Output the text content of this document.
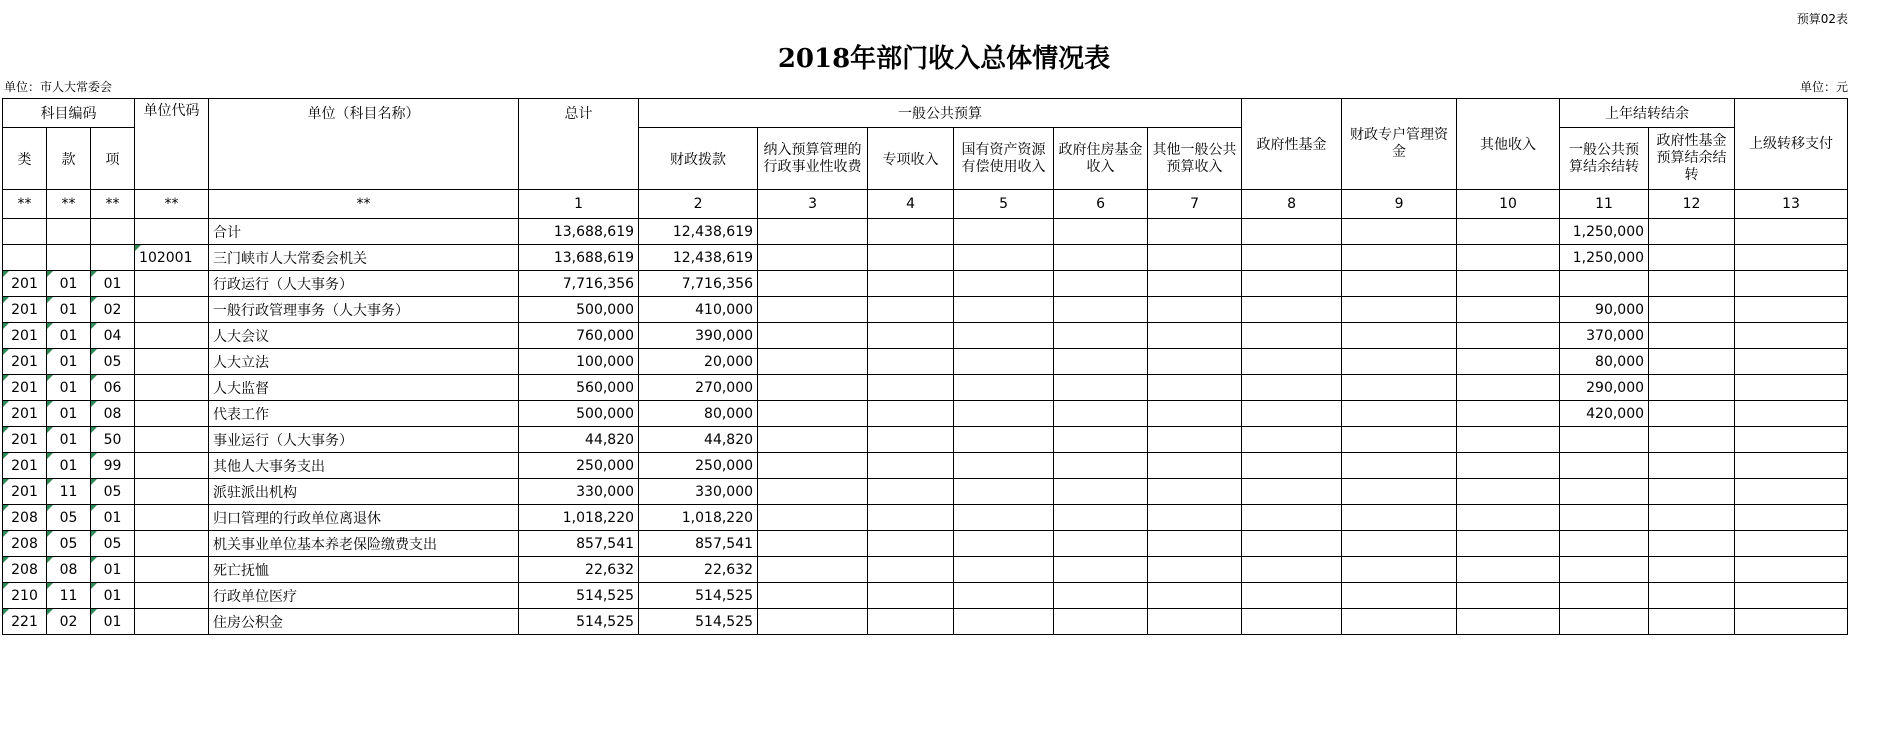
预算02表
2018年部门收入总体情况表
单位：市人大常委会	单位：元
科目编码			单位代码	单位（科目名称）	总计	一般公共预算						政府性基金	财政专户管理资金	其他收入	上年结转结余		上级转移支付
类	款	项				财政拨款	纳入预算管理的行政事业性收费	专项收入	国有资产资源有偿使用收入	政府住房基金收入	其他一般公共预算收入				一般公共预算结余结转	政府性基金预算结余结转	
**	**	**	**	**	1	2	3	4	5	6	7	8	9	10	11	12	13
				合计	13,688,619	12,438,619									1,250,000		
			102001	三门峡市人大常委会机关	13,688,619	12,438,619									1,250,000		
201	01	01		行政运行（人大事务）	7,716,356	7,716,356											
201	01	02		一般行政管理事务（人大事务）	500,000	410,000									90,000		
201	01	04		人大会议	760,000	390,000									370,000		
201	01	05		人大立法	100,000	20,000									80,000		
201	01	06		人大监督	560,000	270,000									290,000		
201	01	08		代表工作	500,000	80,000									420,000		
201	01	50		事业运行（人大事务）	44,820	44,820											
201	01	99		其他人大事务支出	250,000	250,000											
201	11	05		派驻派出机构	330,000	330,000											
208	05	01		归口管理的行政单位离退休	1,018,220	1,018,220											
208	05	05		机关事业单位基本养老保险缴费支出	857,541	857,541											
208	08	01		死亡抚恤	22,632	22,632											
210	11	01		行政单位医疗	514,525	514,525											
221	02	01		住房公积金	514,525	514,525											
